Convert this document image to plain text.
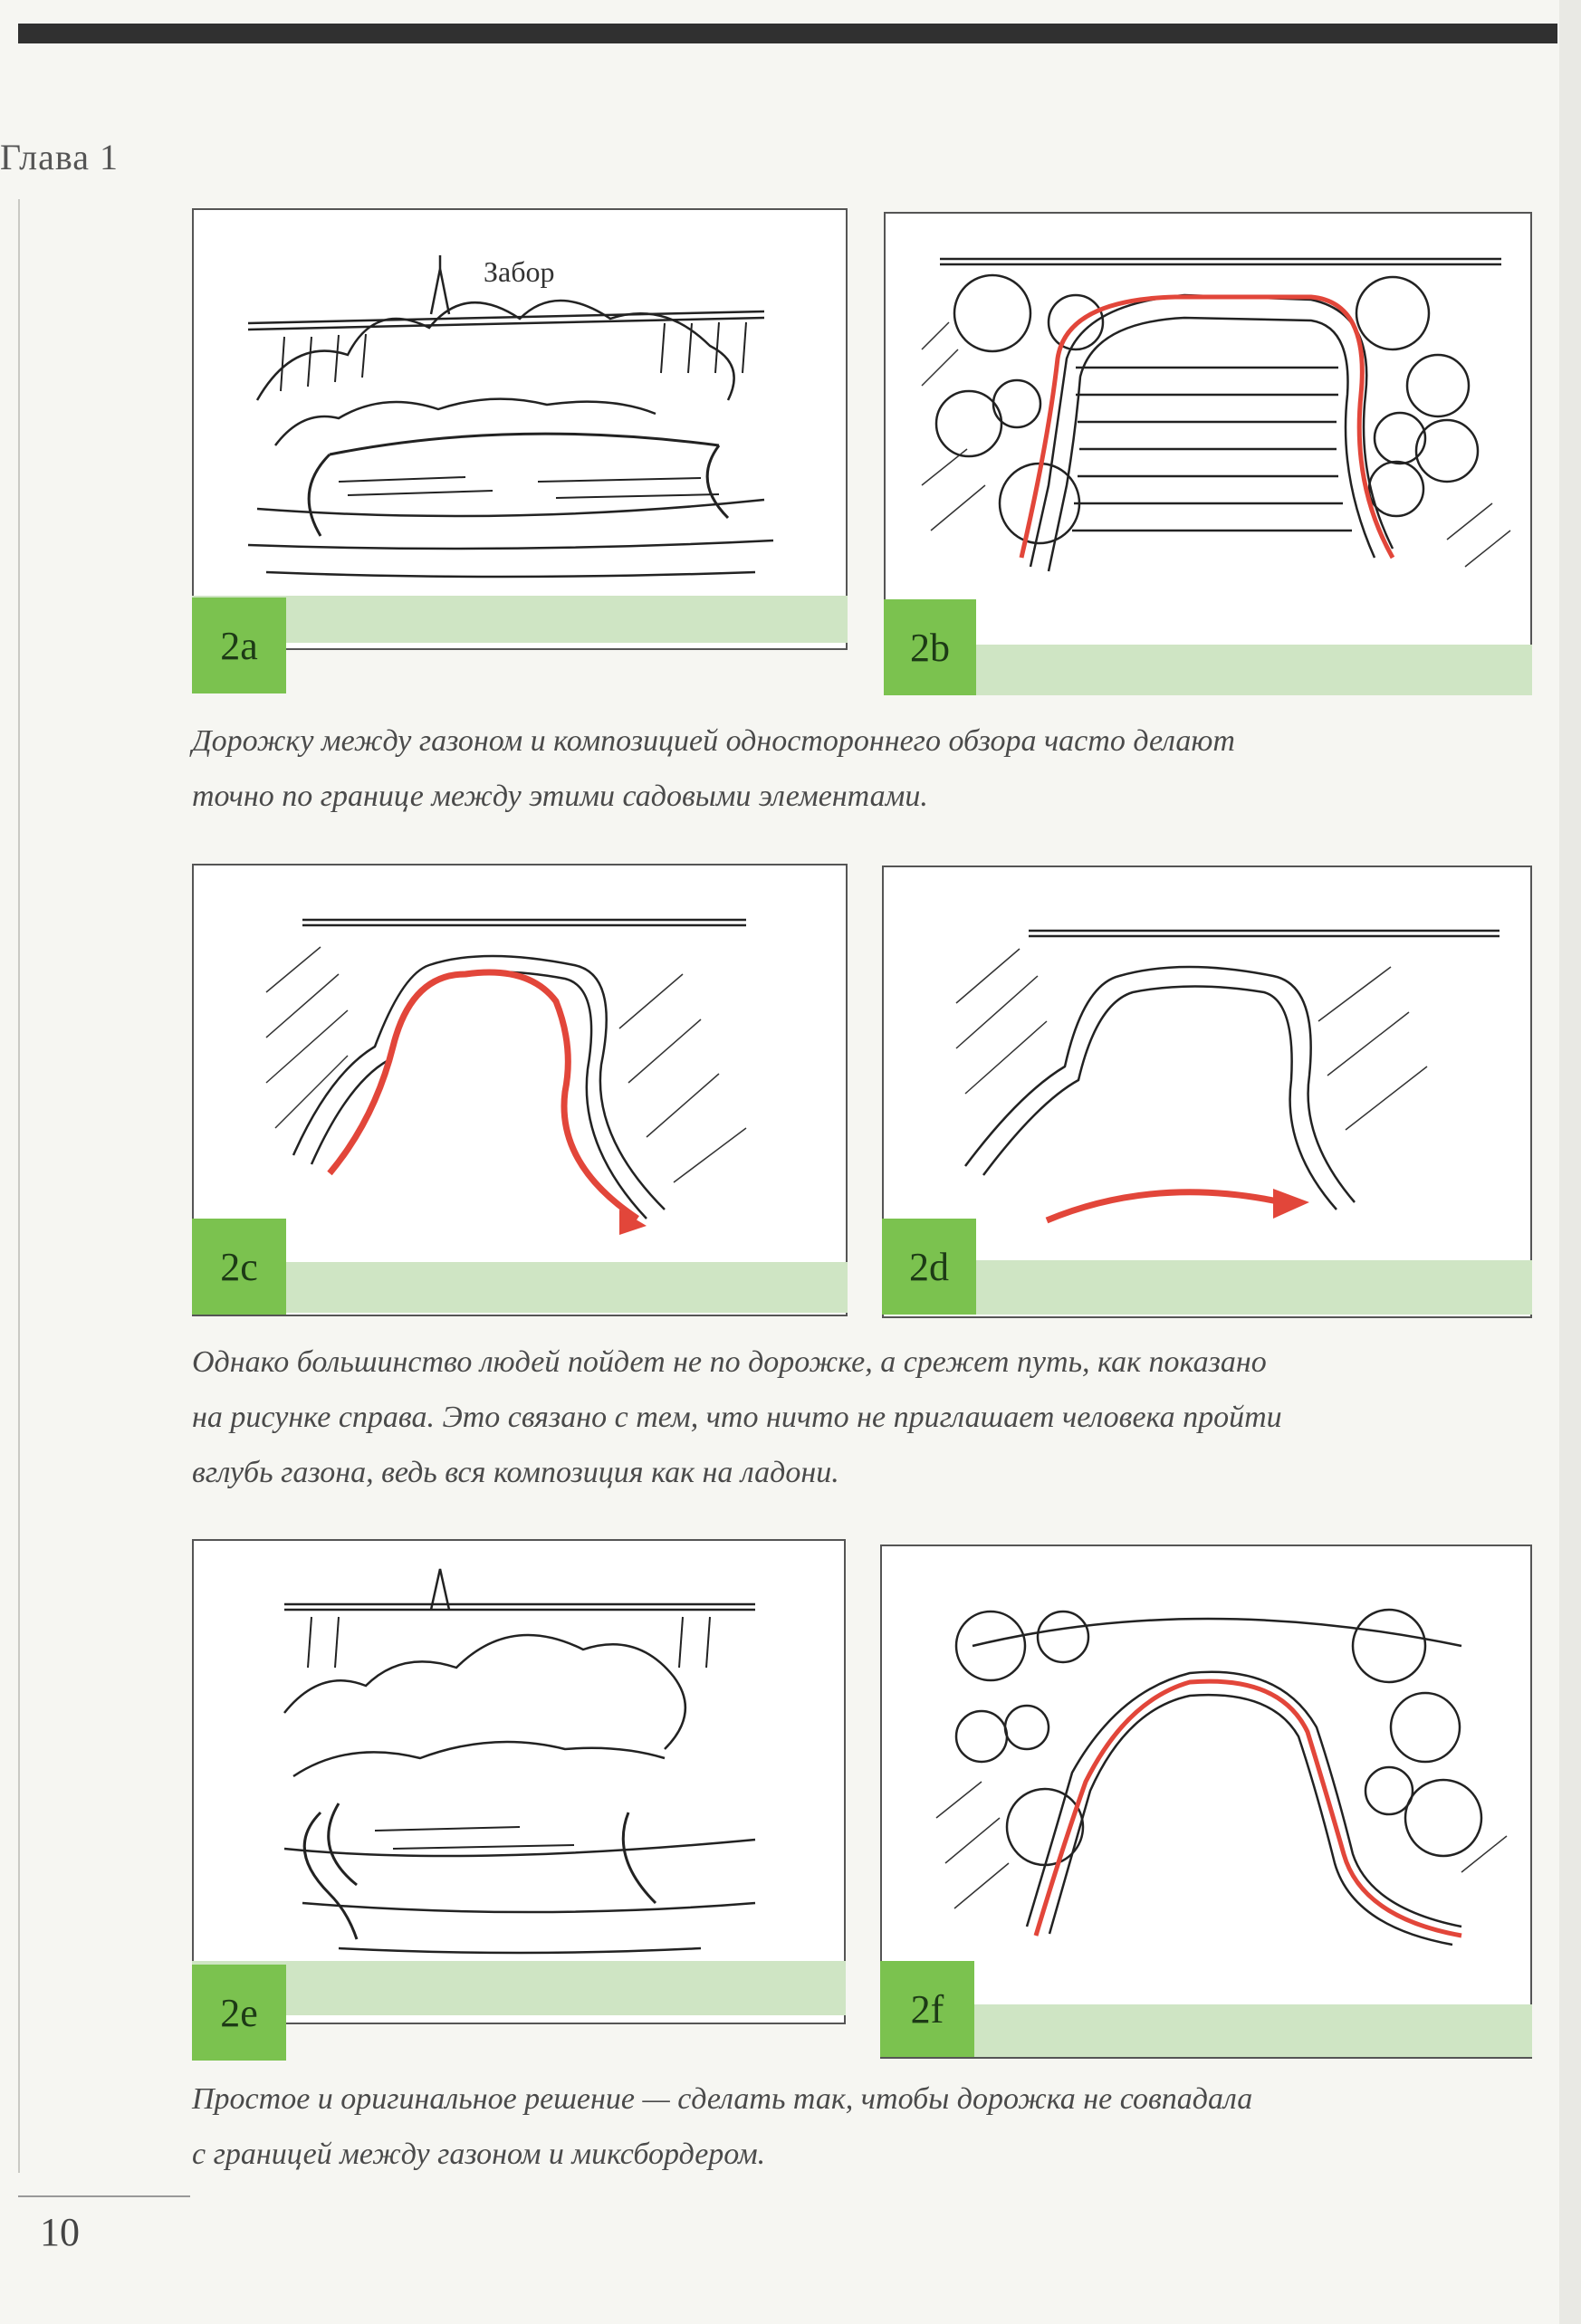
Глава 1
Забор
2a	2b
Дорожку между газоном и композицией одностороннего обзора часто делают
точно по границе между этими садовыми элементами.
2c	2d
Однако большинство людей пойдет не по дорожке, а срежет путь, как показано
на рисунке справа. Это связано с тем, что ничто не приглашает человека пройти
вглубь газона, ведь вся композиция как на ладони.
2e	2f
Простое и оригинальное решение — сделать так, чтобы дорожка не совпадала
с границей между газоном и миксбордером.
10
